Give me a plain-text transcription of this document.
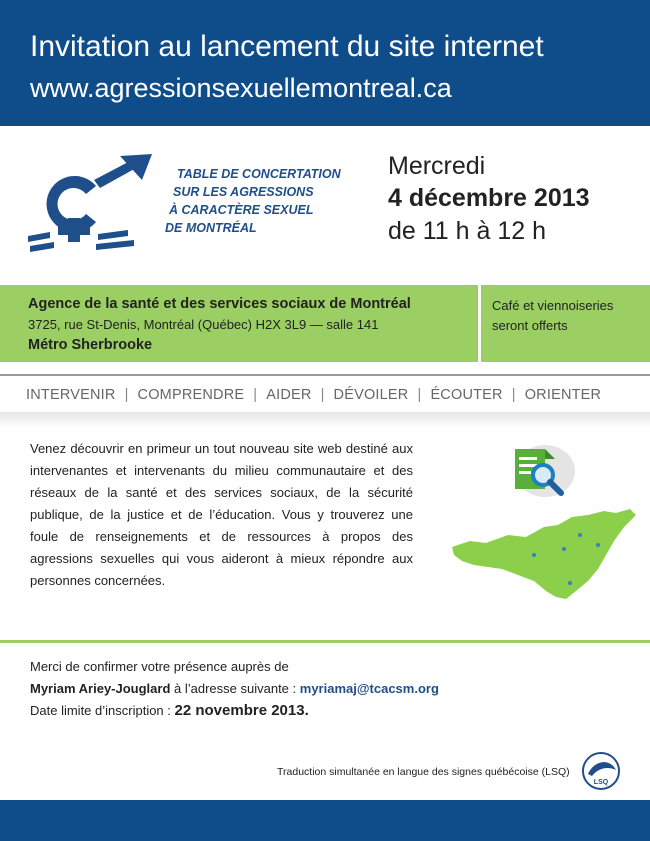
Invitation au lancement du site internet
www.agressionsexuellemontreal.ca
TABLE DE CONCERTATION
SUR LES AGRESSIONS
À CARACTÈRE SEXUEL
DE MONTRÉAL
Mercredi
4 décembre 2013
de 11 h à 12 h
Agence de la santé et des services sociaux de Montréal
3725, rue St-Denis, Montréal (Québec) H2X 3L9 — salle 141
Métro Sherbrooke
Café et viennoiseries
seront offerts
INTERVENIR | COMPRENDRE | AIDER | DÉVOILER | ÉCOUTER | ORIENTER
Venez découvrir en primeur un tout nouveau site web destiné aux intervenantes et intervenants du milieu communautaire et des réseaux de la santé et des services sociaux, de la sécurité publique, de la justice et de l’éducation. Vous y trouverez une foule de renseignements et de ressources à propos des agressions sexuelles qui vous aideront à mieux répondre aux personnes concernées.
Merci de confirmer votre présence auprès de
Myriam Ariey-Jouglard à l’adresse suivante : myriamaj@tcacsm.org
Date limite d’inscription : 22 novembre 2013.
Traduction simultanée en langue des signes québécoise (LSQ)
LSQ
